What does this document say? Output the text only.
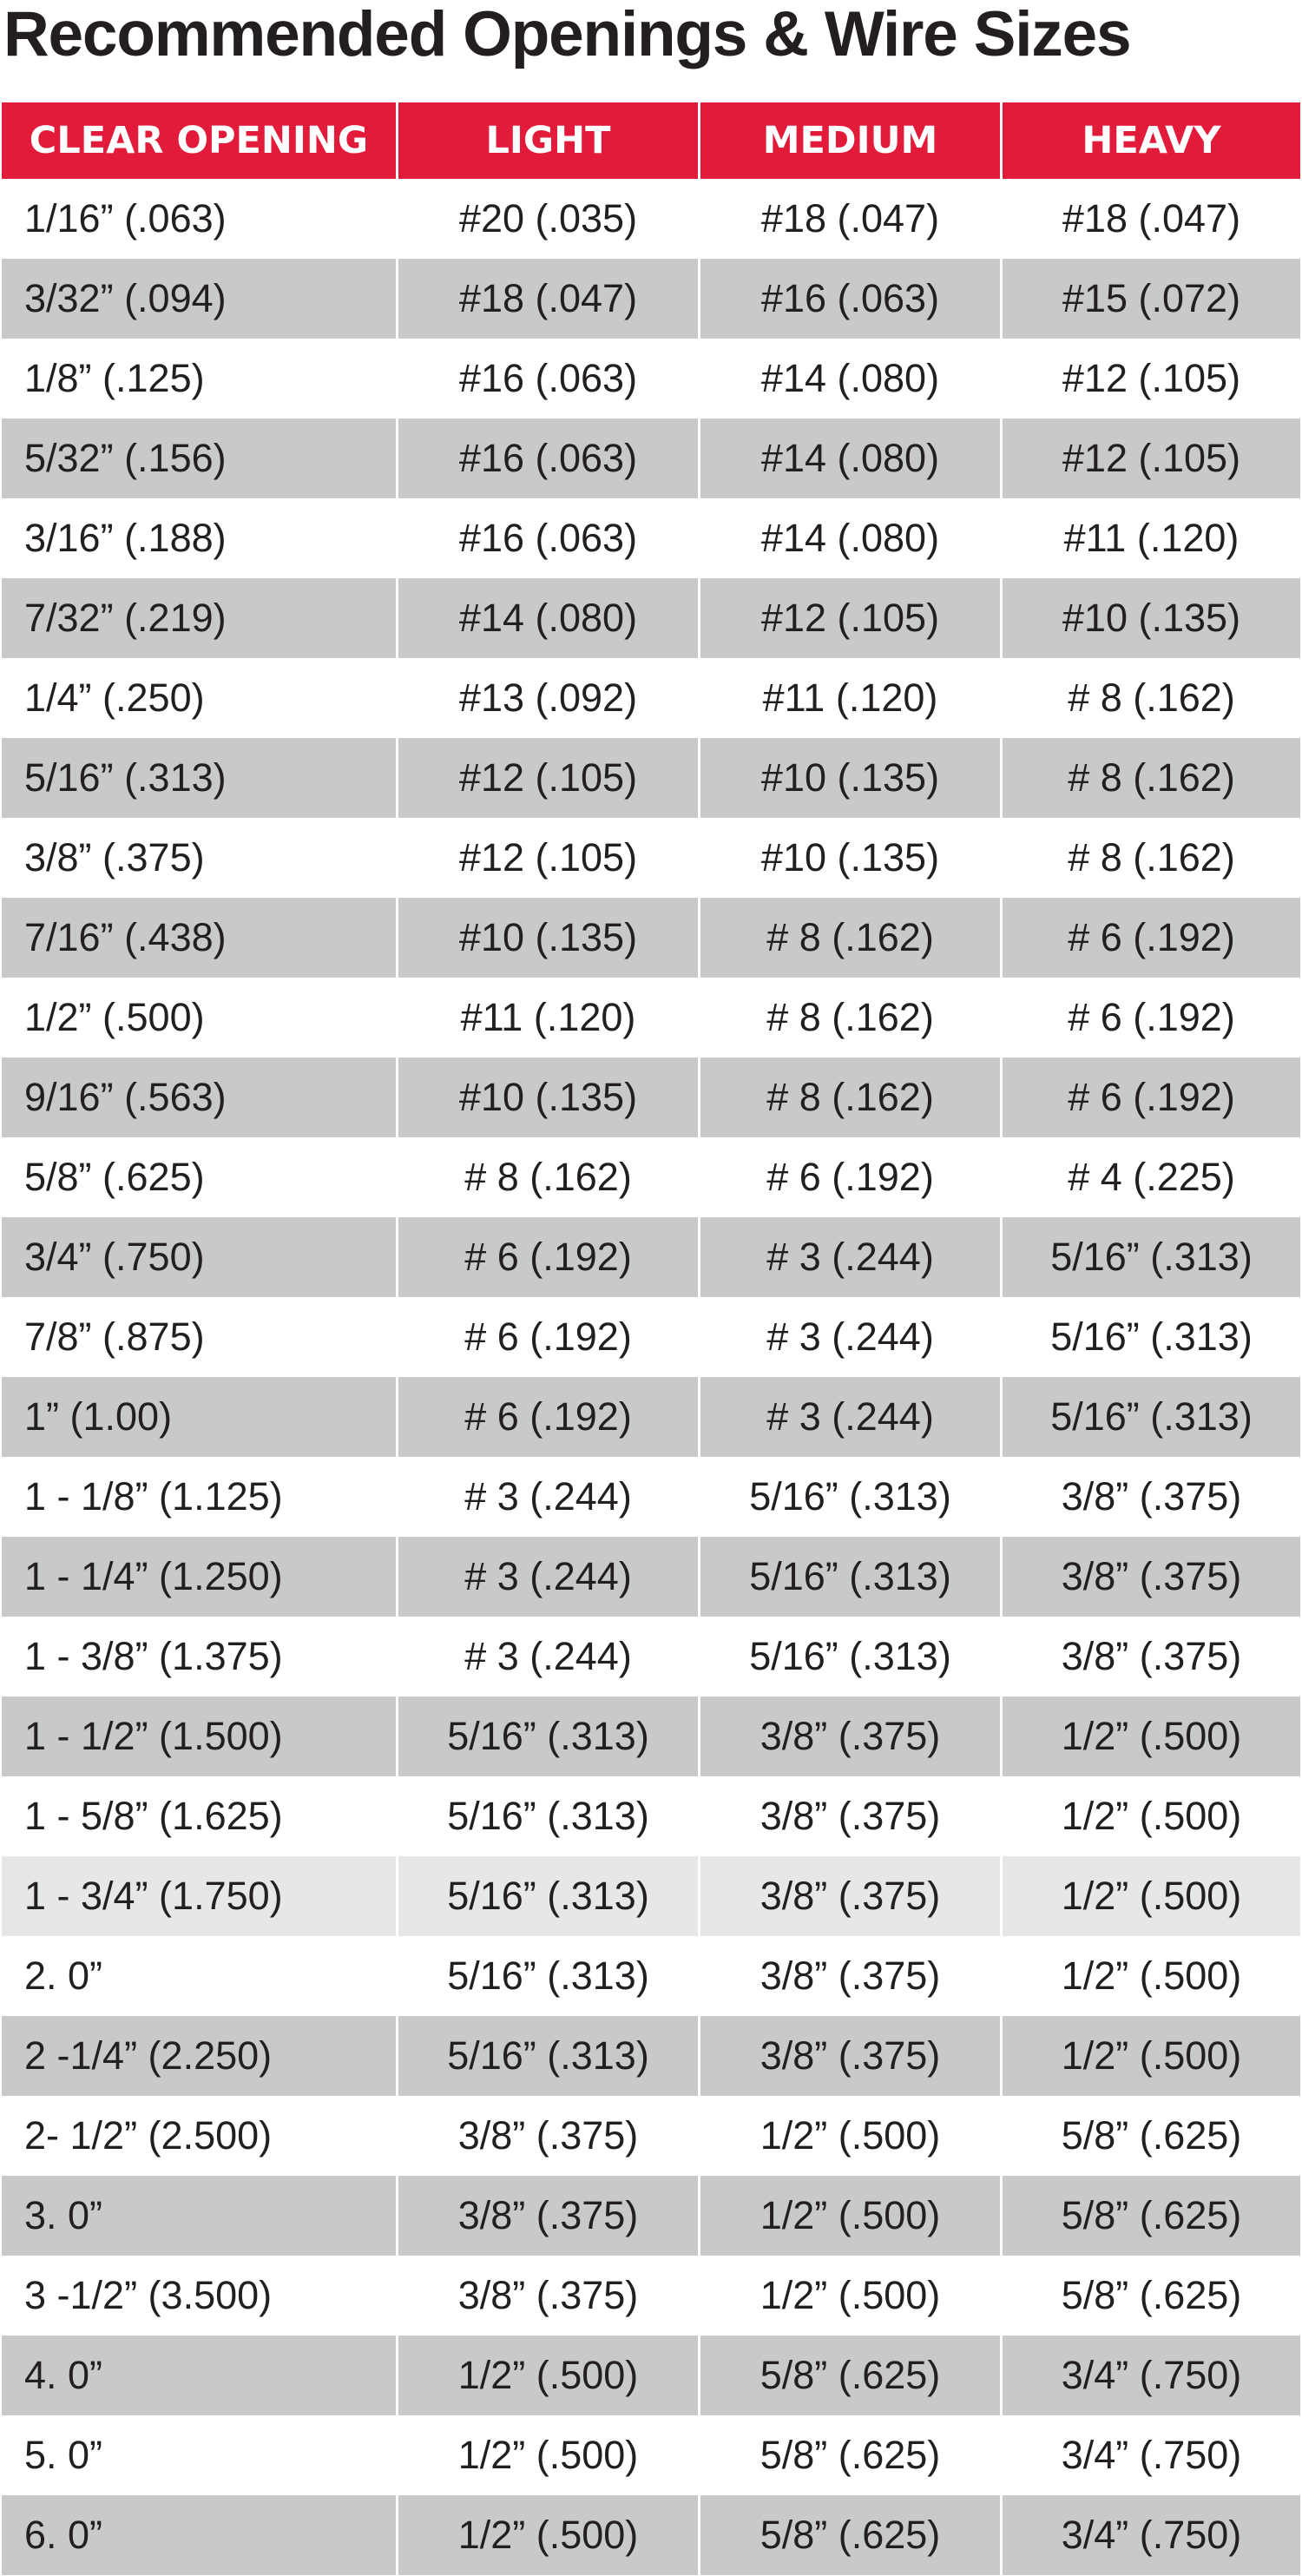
Recommended Openings & Wire Sizes
CLEAR OPENING	LIGHT	MEDIUM	HEAVY
1/16” (.063)	#20 (.035)	#18 (.047)	#18 (.047)
3/32” (.094)	#18 (.047)	#16 (.063)	#15 (.072)
1/8” (.125)	#16 (.063)	#14 (.080)	#12 (.105)
5/32” (.156)	#16 (.063)	#14 (.080)	#12 (.105)
3/16” (.188)	#16 (.063)	#14 (.080)	#11 (.120)
7/32” (.219)	#14 (.080)	#12 (.105)	#10 (.135)
1/4” (.250)	#13 (.092)	#11 (.120)	# 8 (.162)
5/16” (.313)	#12 (.105)	#10 (.135)	# 8 (.162)
3/8” (.375)	#12 (.105)	#10 (.135)	# 8 (.162)
7/16” (.438)	#10 (.135)	# 8 (.162)	# 6 (.192)
1/2” (.500)	#11 (.120)	# 8 (.162)	# 6 (.192)
9/16” (.563)	#10 (.135)	# 8 (.162)	# 6 (.192)
5/8” (.625)	# 8 (.162)	# 6 (.192)	# 4 (.225)
3/4” (.750)	# 6 (.192)	# 3 (.244)	5/16” (.313)
7/8” (.875)	# 6 (.192)	# 3 (.244)	5/16” (.313)
1” (1.00)	# 6 (.192)	# 3 (.244)	5/16” (.313)
1 - 1/8” (1.125)	# 3 (.244)	5/16” (.313)	3/8” (.375)
1 - 1/4” (1.250)	# 3 (.244)	5/16” (.313)	3/8” (.375)
1 - 3/8” (1.375)	# 3 (.244)	5/16” (.313)	3/8” (.375)
1 - 1/2” (1.500)	5/16” (.313)	3/8” (.375)	1/2” (.500)
1 - 5/8” (1.625)	5/16” (.313)	3/8” (.375)	1/2” (.500)
1 - 3/4” (1.750)	5/16” (.313)	3/8” (.375)	1/2” (.500)
2. 0”	5/16” (.313)	3/8” (.375)	1/2” (.500)
2 -1/4” (2.250)	5/16” (.313)	3/8” (.375)	1/2” (.500)
2- 1/2” (2.500)	3/8” (.375)	1/2” (.500)	5/8” (.625)
3. 0”	3/8” (.375)	1/2” (.500)	5/8” (.625)
3 -1/2” (3.500)	3/8” (.375)	1/2” (.500)	5/8” (.625)
4. 0”	1/2” (.500)	5/8” (.625)	3/4” (.750)
5. 0”	1/2” (.500)	5/8” (.625)	3/4” (.750)
6. 0”	1/2” (.500)	5/8” (.625)	3/4” (.750)
